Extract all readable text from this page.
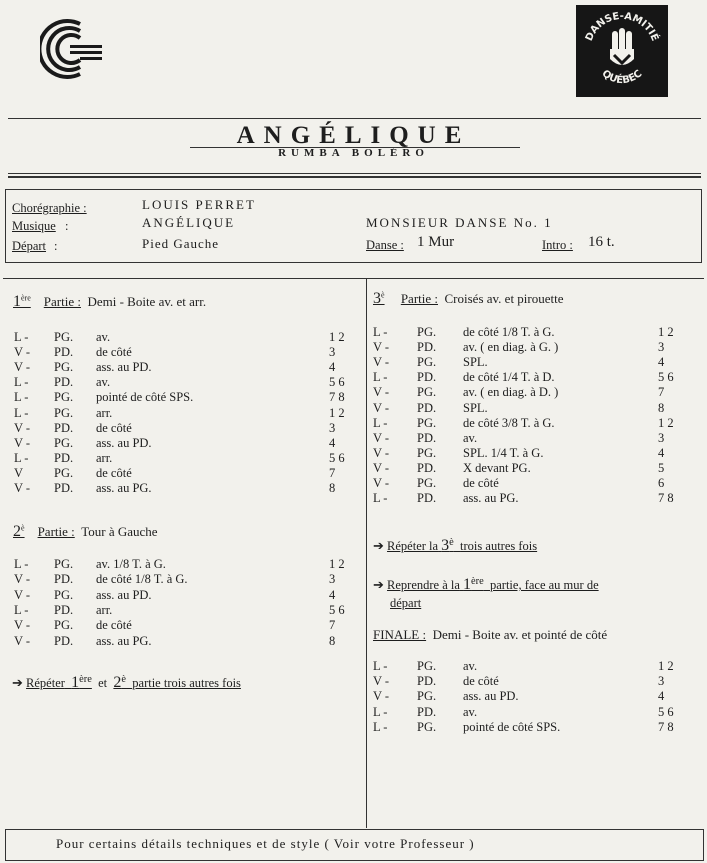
DANSE-AMITIÉ
QUÉBEC
ANGÉLIQUE
RUMBA BOLÉRO
Chorégraphie :	LOUIS PERRET
Musique :	ANGÉLIQUE	MONSIEUR DANSE No. 1
Départ :	Pied Gauche	Danse : 1 Mur	Intro : 16 t.
1ère Partie : Demi - Boite av. et arr.
L - PG. av.	1 2
V - PD. de côté	3
V - PG. ass. au PD.	4
L - PD. av.	5 6
L - PG. pointé de côté SPS.	7 8
L - PG. arr.	1 2
V - PD. de côté	3
V - PG. ass. au PD.	4
L - PD. arr.	5 6
V PG. de côté	7
V - PD. ass. au PG.	8
$2^è$ Partie : Tour à Gauche
L - PG. av. 1/8 T. à G.	1 2
V - PD. de côté 1/8 T. à G.	3
V - PG. ass. au PD.	4
L - PD. arr.	5 6
V - PG. de côté	7
V - PD. ass. au PG.	8
➔ Répéter 1ère et $2^è$ partie trois autres fois
$3^è$ Partie : Croisés av. et pirouette
L - PG. de côté 1/8 T. à G.	1 2
V - PD. av. ( en diag. à G. )	3
V - PG. SPL.	4
L - PD. de côté 1/4 T. à D.	5 6
V - PG. av. ( en diag. à D. )	7
V - PD. SPL.	8
L - PG. de côté 3/8 T. à G.	1 2
V - PD. av.	3
V - PG. SPL. 1/4 T. à G.	4
V - PD. X devant PG.	5
V - PG. de côté	6
L - PD. ass. au PG.	7 8
➔ Répéter la $3^è$ trois autres fois
➔ Reprendre à la 1ère partie, face au mur de
départ
FINALE : Demi - Boite av. et pointé de côté
L - PG. av.	1 2
V - PD. de côté	3
V - PG. ass. au PD.	4
L - PD. av.	5 6
L - PG. pointé de côté SPS.	7 8
Pour certains détails techniques et de style ( Voir votre Professeur )
